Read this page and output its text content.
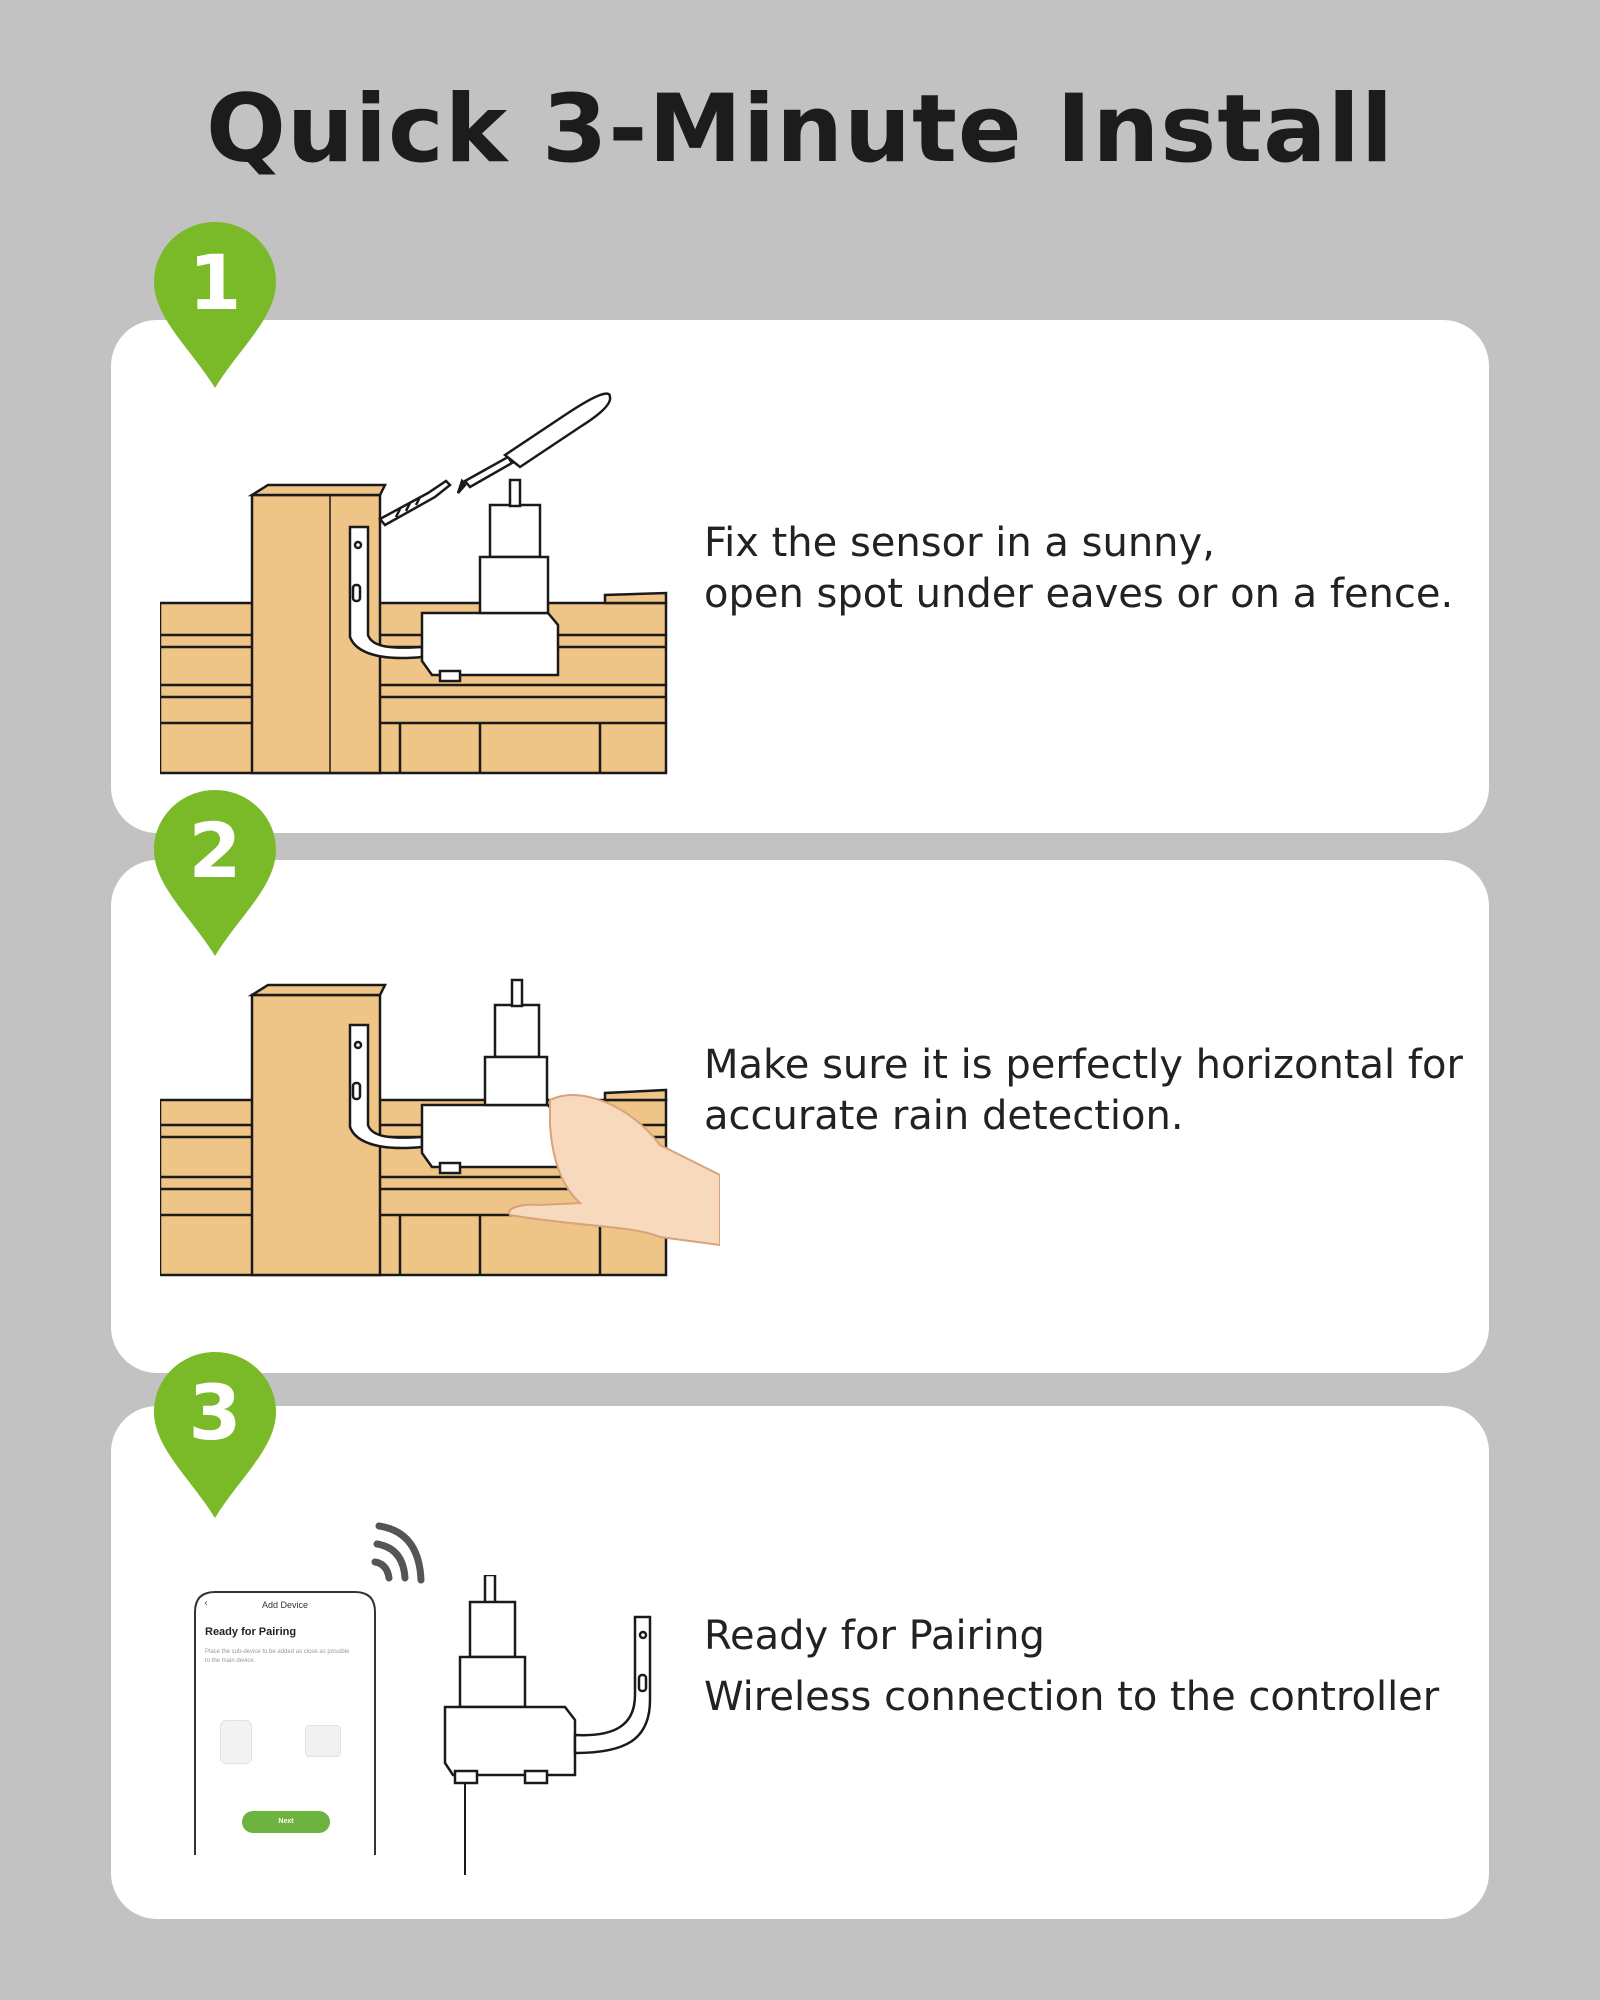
Quick 3-Minute Install
Add Device
‹
Ready for Pairing
Place the sub-device to be added as close as possible to the main device.
Next
1
2
3
Fix the sensor in a sunny,
open spot under eaves or on a fence.
Make sure it is perfectly horizontal for
accurate rain detection.
Ready for Pairing
Wireless connection to the controller
